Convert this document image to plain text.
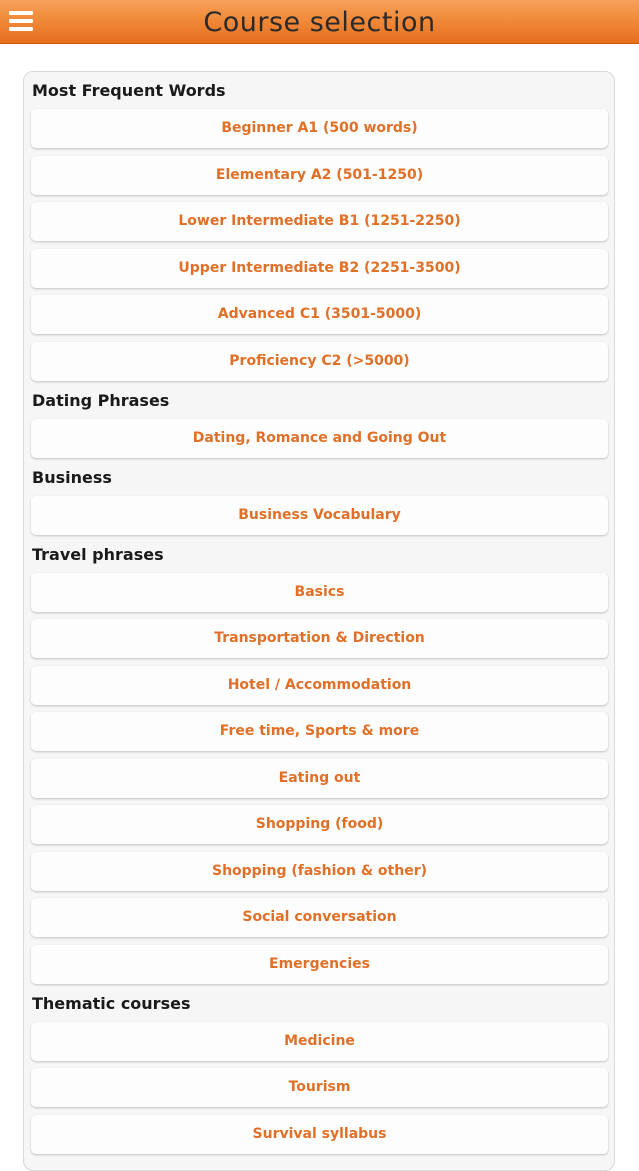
Course selection
Most Frequent Words
Beginner A1 (500 words)
Elementary A2 (501-1250)
Lower Intermediate B1 (1251-2250)
Upper Intermediate B2 (2251-3500)
Advanced C1 (3501-5000)
Proficiency C2 (>5000)
Dating Phrases
Dating, Romance and Going Out
Business
Business Vocabulary
Travel phrases
Basics
Transportation & Direction
Hotel / Accommodation
Free time, Sports & more
Eating out
Shopping (food)
Shopping (fashion & other)
Social conversation
Emergencies
Thematic courses
Medicine
Tourism
Survival syllabus
